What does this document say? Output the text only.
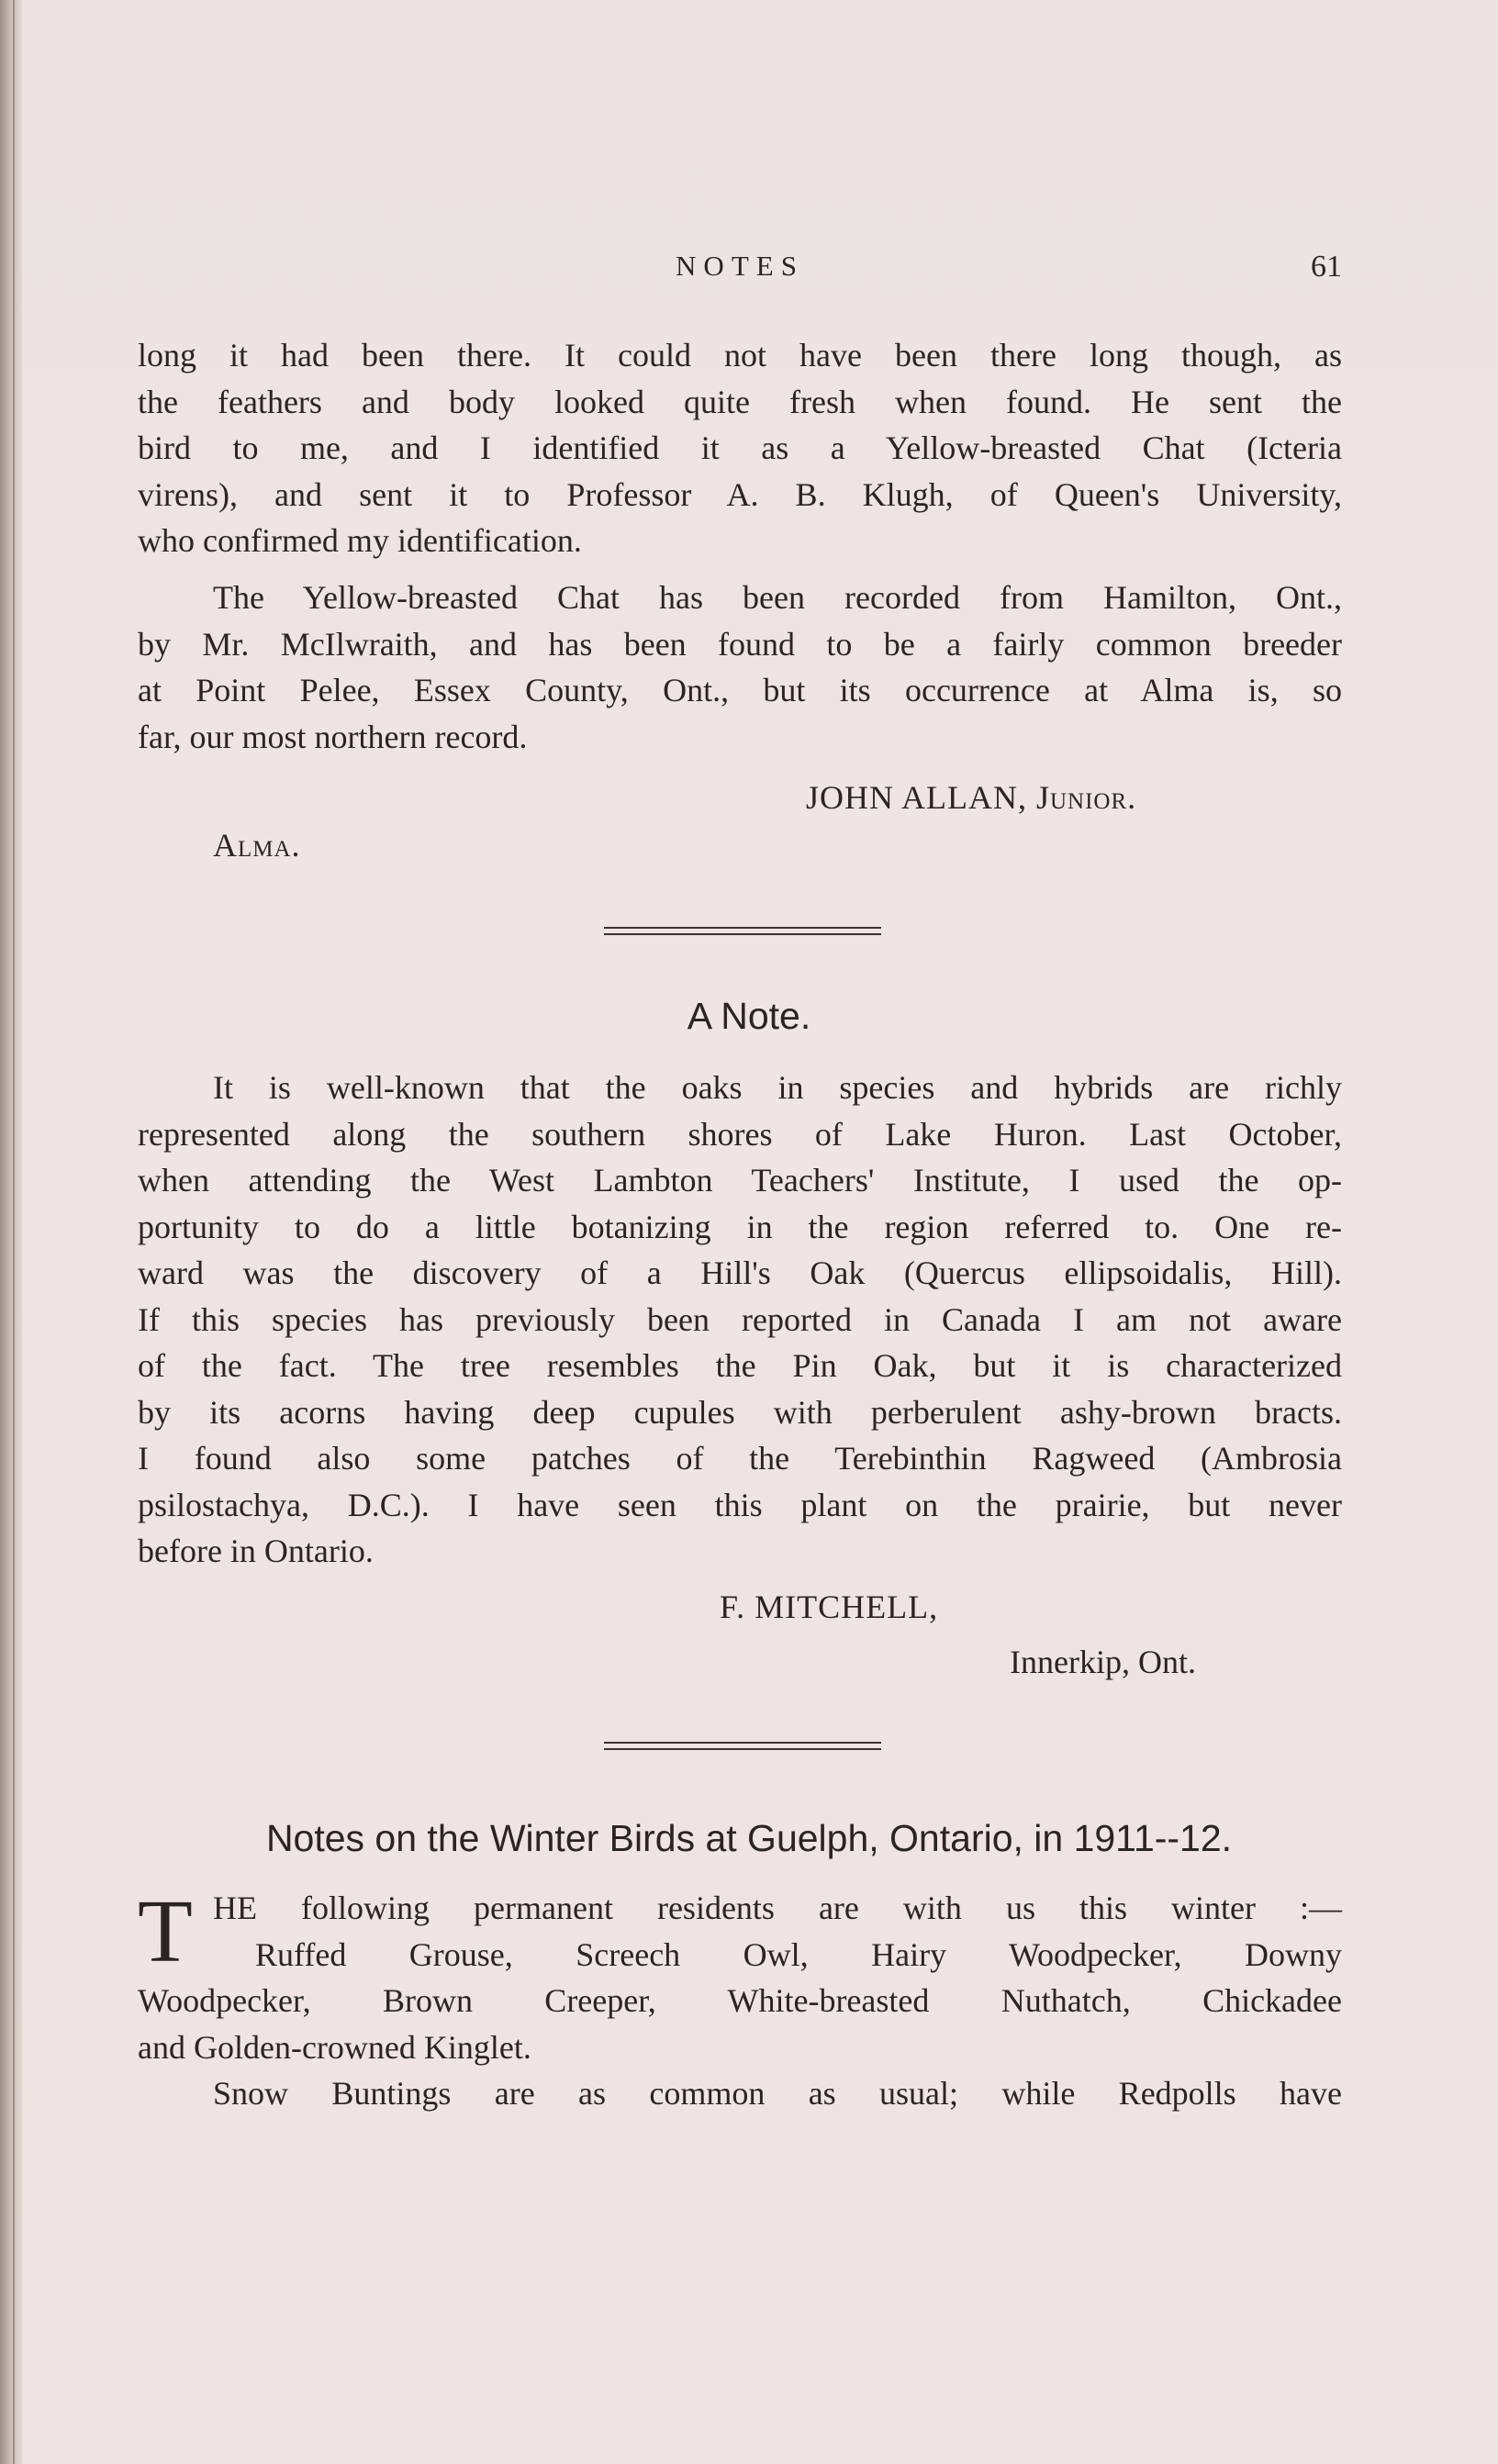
NOTES	61
long it had been there. It could not have been there long though, as
the feathers and body looked quite fresh when found. He sent the
bird to me, and I identified it as a Yellow-breasted Chat (Icteria
virens), and sent it to Professor A. B. Klugh, of Queen's University,
who confirmed my identification.
The Yellow-breasted Chat has been recorded from Hamilton, Ont.,
by Mr. McIlwraith, and has been found to be a fairly common breeder
at Point Pelee, Essex County, Ont., but its occurrence at Alma is, so
far, our most northern record.
JOHN ALLAN, Junior.
Alma.
A Note.
It is well-known that the oaks in species and hybrids are richly
represented along the southern shores of Lake Huron. Last October,
when attending the West Lambton Teachers' Institute, I used the op-
portunity to do a little botanizing in the region referred to. One re-
ward was the discovery of a Hill's Oak (Quercus ellipsoidalis, Hill).
If this species has previously been reported in Canada I am not aware
of the fact. The tree resembles the Pin Oak, but it is characterized
by its acorns having deep cupules with perberulent ashy-brown bracts.
I found also some patches of the Terebinthin Ragweed (Ambrosia
psilostachya, D.C.). I have seen this plant on the prairie, but never
before in Ontario.
F. MITCHELL,
Innerkip, Ont.
Notes on the Winter Birds at Guelph, Ontario, in 1911--12.
T HE following permanent residents are with us this winter :—
Ruffed Grouse, Screech Owl, Hairy Woodpecker, Downy
Woodpecker, Brown Creeper, White-breasted Nuthatch, Chickadee
and Golden-crowned Kinglet.
Snow Buntings are as common as usual; while Redpolls have
